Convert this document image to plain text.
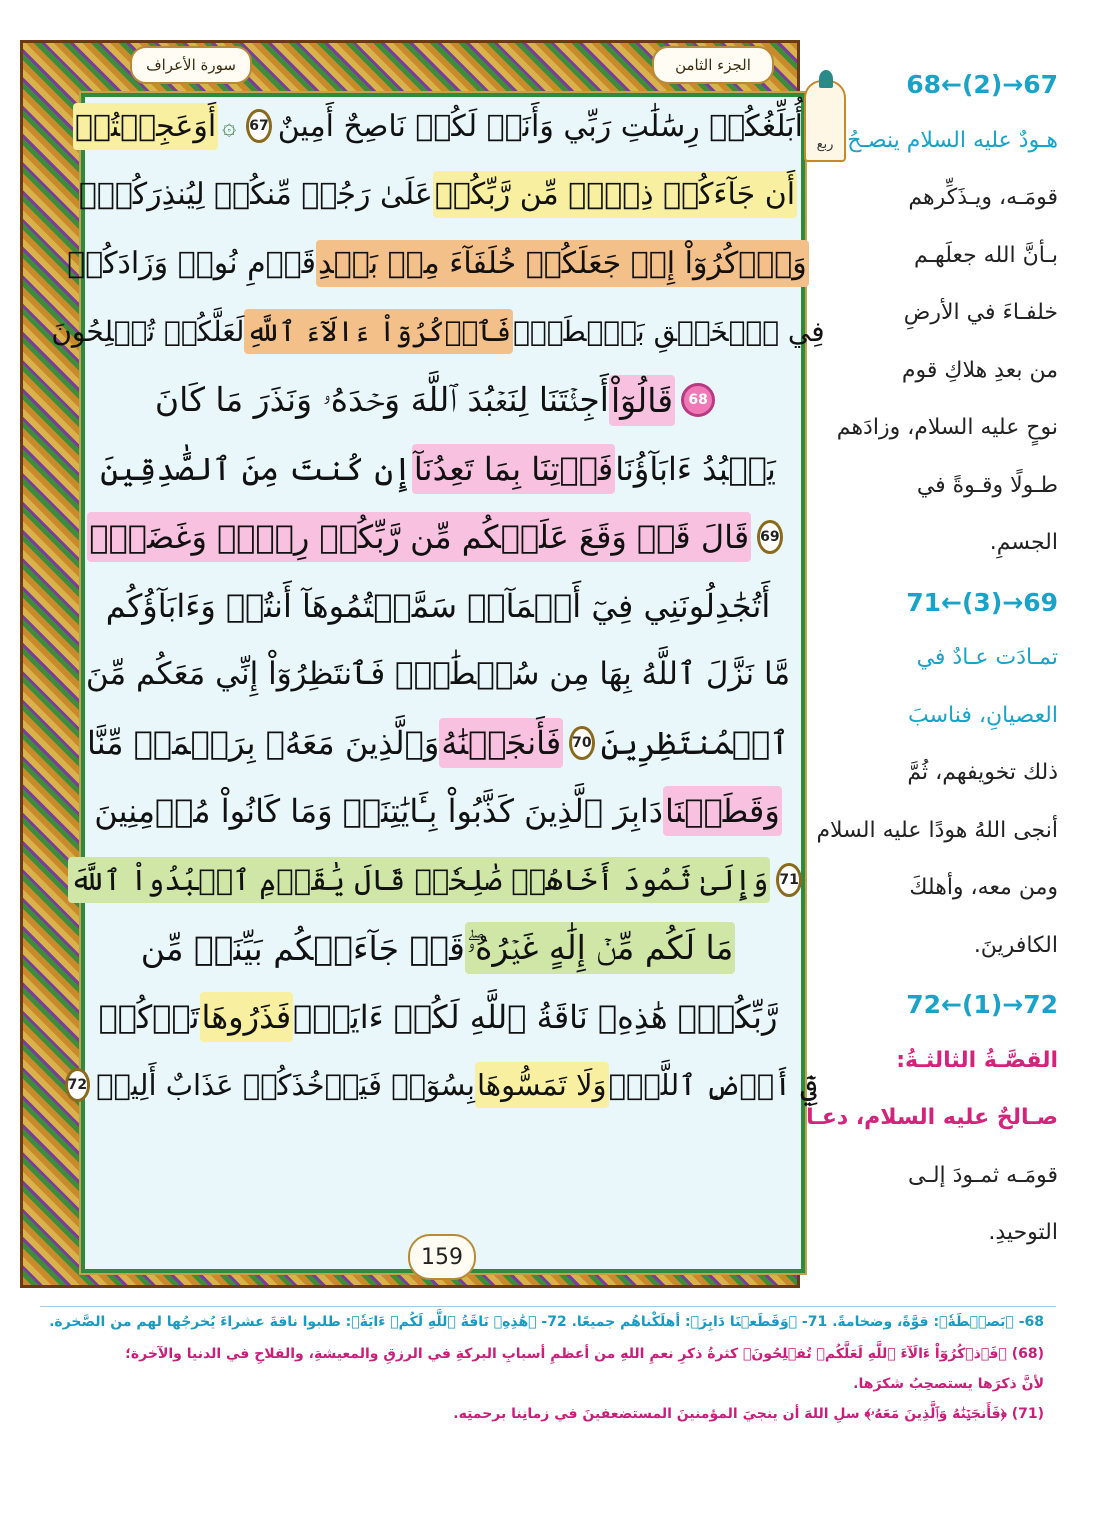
الجزء الثامن
سورة الأعراف
159
ربع
أُبَلِّغُكُمۡ رِسَٰلَٰتِ رَبِّي وَأَنَا۠ لَكُمۡ نَاصِحٌ أَمِينٌ
67
۞
أَوَعَجِبۡتُمۡ
أَن جَآءَكُمۡ ذِكۡرٞ مِّن رَّبِّكُمۡ
عَلَىٰ رَجُلٖ مِّنكُمۡ لِيُنذِرَكُمۡۚ
وَٱذۡكُرُوٓاْ إِذۡ جَعَلَكُمۡ خُلَفَآءَ مِنۢ بَعۡدِ
قَوۡمِ نُوحٖ وَزَادَكُمۡ
فِي ٱلۡخَلۡقِ بَصۜۡطَةٗۖ
فَٱذۡكُرُوٓاْ ءَالَآءَ ٱللَّهِ
لَعَلَّكُمۡ تُفۡلِحُونَ
68
قَالُوٓاْ
أَجِئۡتَنَا لِنَعۡبُدَ ٱللَّهَ وَحۡدَهُۥ وَنَذَرَ مَا كَانَ
يَعۡبُدُ ءَابَآؤُنَا
فَأۡتِنَا بِمَا تَعِدُنَآ
إِن كُنتَ مِنَ ٱلصَّٰدِقِينَ
69
قَالَ قَدۡ وَقَعَ عَلَيۡكُم مِّن رَّبِّكُمۡ رِجۡسٞ وَغَضَبٌۖ
أَتُجَٰدِلُونَنِي فِيٓ أَسۡمَآءٖ سَمَّيۡتُمُوهَآ أَنتُمۡ وَءَابَآؤُكُم
مَّا نَزَّلَ ٱللَّهُ بِهَا مِن سُلۡطَٰنٖۚ فَٱنتَظِرُوٓاْ إِنِّي مَعَكُم مِّنَ
ٱلۡمُنتَظِرِينَ
70
فَأَنجَيۡنَٰهُ
وَٱلَّذِينَ مَعَهُۥ بِرَحۡمَةٖ مِّنَّا
وَقَطَعۡنَا
دَابِرَ ٱلَّذِينَ كَذَّبُواْ بِـَٔايَٰتِنَاۖ وَمَا كَانُواْ مُؤۡمِنِينَ
71
وَإِلَىٰ ثَمُودَ أَخَاهُمۡ صَٰلِحٗاۚ قَالَ يَٰقَوۡمِ ٱعۡبُدُواْ ٱللَّهَ
مَا لَكُم مِّنۡ إِلَٰهٍ غَيۡرُهُۥۖ
قَدۡ جَآءَتۡكُم بَيِّنَةٞ مِّن
رَّبِّكُمۡۖ هَٰذِهِۦ نَاقَةُ ٱللَّهِ لَكُمۡ ءَايَةٗۖ
فَذَرُوهَا
تَأۡكُلۡ
فِيٓ أَرۡضِ ٱللَّهِۖ
وَلَا تَمَسُّوهَا
بِسُوٓءٖ فَيَأۡخُذَكُمۡ عَذَابٌ أَلِيمٞ
72
68←(2)→67
هـودٌ عليه السلام ينصـحُ
قومَـه، ويـذَكِّرهم
بـأنَّ الله جعلَهـم
خلفـاءَ في الأرضِ
من بعدِ هلاكِ قوم
نوحٍ عليه السلام، وزادَهم
طـولًا وقـوةً في
الجسمِ.
71←(3)→69
تمـادَت عـادٌ في
العصيانِ، فناسبَ
ذلك تخويفهم، ثُمَّ
أنجى اللهُ هودًا عليه السلام
ومن معه، وأهلكَ
الكافرينَ.
72←(1)→72
القصَّـةُ الثالثـةُ:
صـالحٌ عليه السلام، دعـا
قومَـه ثمـودَ إلـى
التوحيدِ.
68- ﴿بَصۜۡطَةٗ﴾: قوَّةً، وضخامةً. 71- ﴿وَقَطَعۡنَا دَابِرَ﴾: أهلَكْناهُم جميعًا. 72- ﴿هَٰذِهِۦ نَاقَةُ ٱللَّهِ لَكُمۡ ءَايَةٗ﴾: طلبوا ناقةَ عشراءَ يُخرجُها لهم من الصَّخرة.
(68) ﴿فَٱذۡكُرُوٓاْ ءَالَآءَ ٱللَّهِ لَعَلَّكُمۡ تُفۡلِحُونَ﴾ كثرةُ ذكرِ نعمِ اللهِ من أعظمِ أسبابِ البركةِ في الرزقِ والمعيشةِ، والفلاحِ في الدنيا والآخرة؛
لأنَّ ذكرَها يستصحِبُ شكرَها.
(71) ﴿فَأَنجَيۡنَٰهُ وَٱلَّذِينَ مَعَهُۥ﴾ سلِ اللهَ أن ينجيَ المؤمنينَ المستضعفينَ في زمانِنا برحمتِه.
